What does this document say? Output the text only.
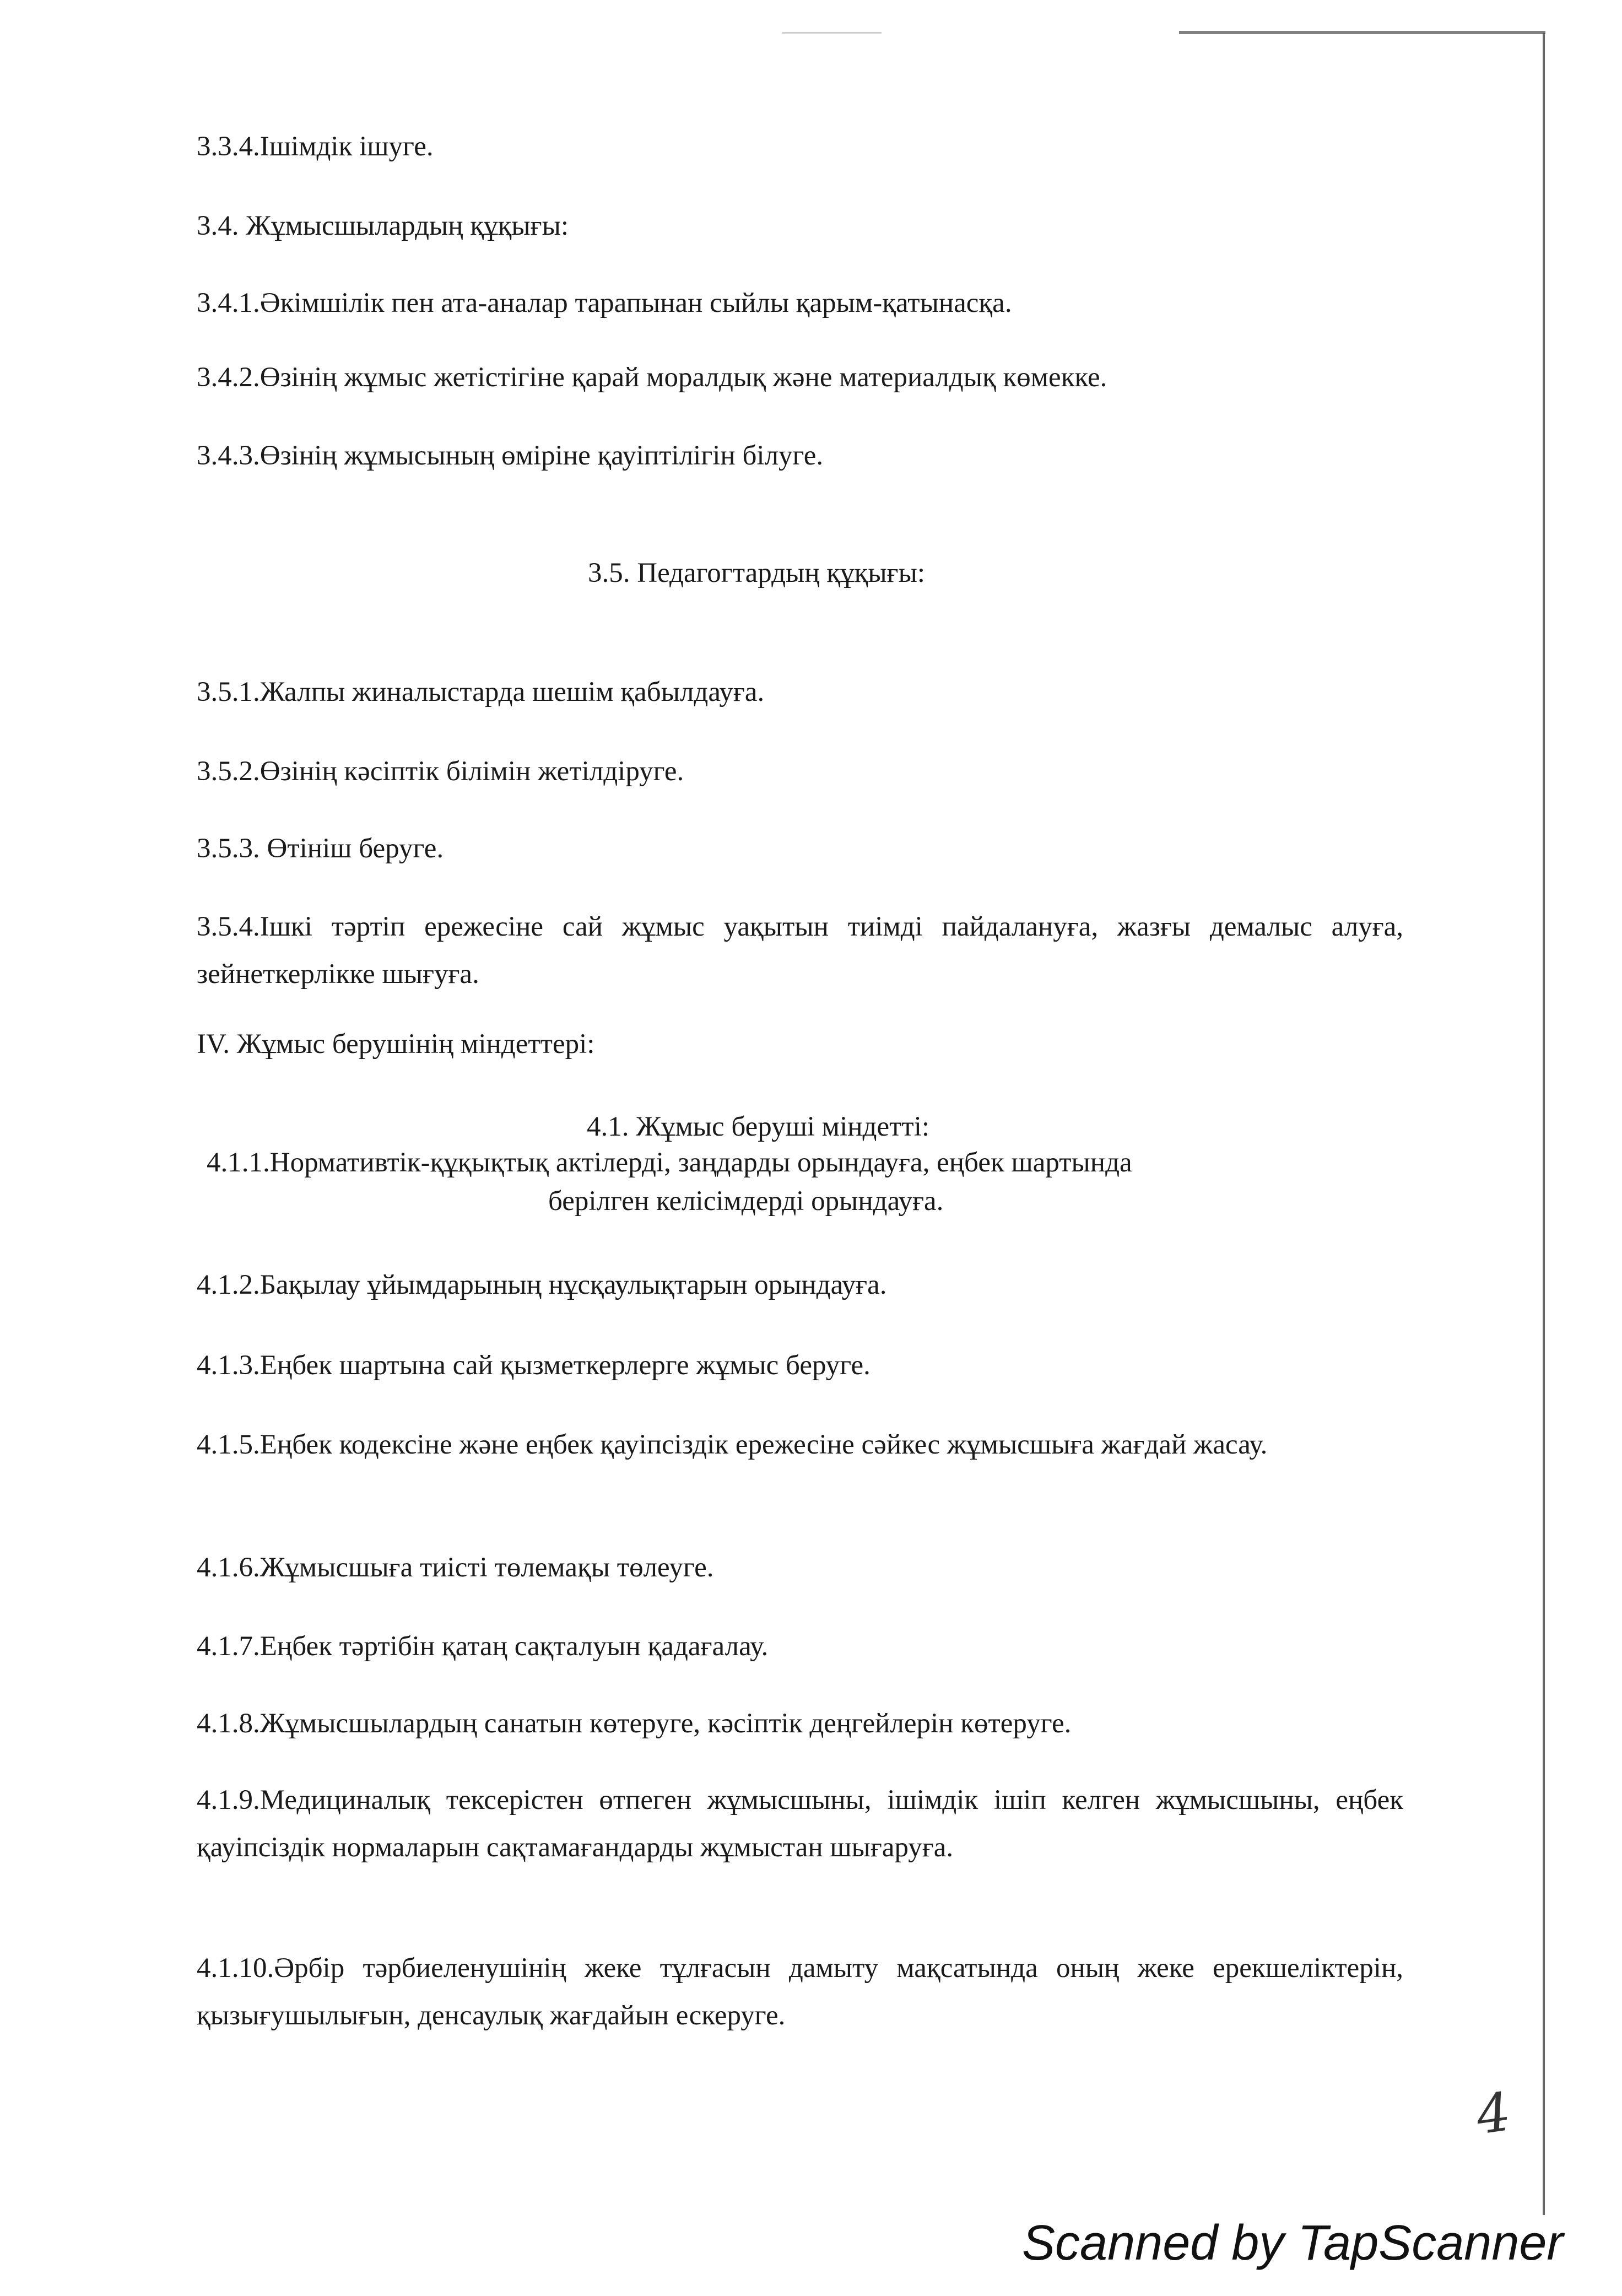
3.3.4.Ішімдік ішуге.
3.4. Жұмысшылардың құқығы:
3.4.1.Әкімшілік пен ата-аналар тарапынан сыйлы қарым-қатынасқа.
3.4.2.Өзінің жұмыс жетістігіне қарай моралдық және материалдық көмекке.
3.4.3.Өзінің жұмысының өміріне қауіптілігін білуге.
3.5. Педагогтардың құқығы:
3.5.1.Жалпы жиналыстарда шешім қабылдауға.
3.5.2.Өзінің кәсіптік білімін жетілдіруге.
3.5.3. Өтініш беруге.
3.5.4.Ішкі тәртіп ережесіне сай жұмыс уақытын тиімді пайдалануға, жазғы демалыс алуға, зейнеткерлікке шығуға.
IV. Жұмыс берушінің міндеттері:
4.1. Жұмыс беруші міндетті:
4.1.1.Нормативтік-құқықтық актілерді, заңдарды орындауға, еңбек шартында
берілген келісімдерді орындауға.
4.1.2.Бақылау ұйымдарының нұсқаулықтарын орындауға.
4.1.3.Еңбек шартына сай қызметкерлерге жұмыс беруге.
4.1.5.Еңбек кодексіне және еңбек қауіпсіздік ережесіне сәйкес жұмысшыға жағдай жасау.
4.1.6.Жұмысшыға тиісті төлемақы төлеуге.
4.1.7.Еңбек тәртібін қатаң сақталуын қадағалау.
4.1.8.Жұмысшылардың санатын көтеруге, кәсіптік деңгейлерін көтеруге.
4.1.9.Медициналық тексерістен өтпеген жұмысшыны, ішімдік ішіп келген жұмысшыны, еңбек қауіпсіздік нормаларын сақтамағандарды жұмыстан шығаруға.
4.1.10.Әрбір тәрбиеленушінің жеке тұлғасын дамыту мақсатында оның жеке ерекшеліктерін, қызығушылығын, денсаулық жағдайын ескеруге.
4
Scanned by TapScanner
